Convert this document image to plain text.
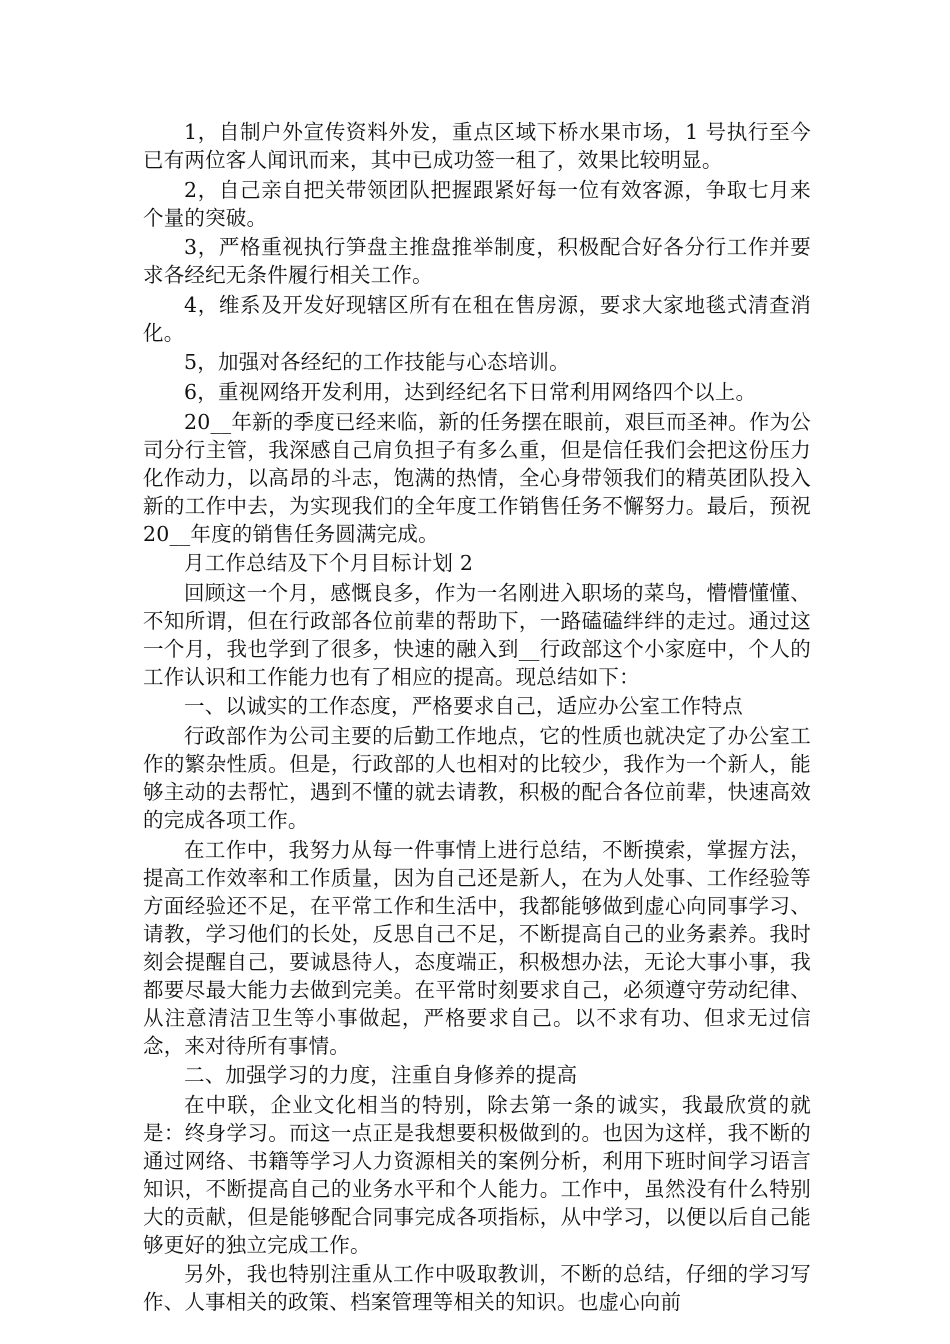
1，自制户外宣传资料外发，重点区域下桥水果市场，1 号执行至今已有两位客人闻讯而来，其中已成功签一租了，效果比较明显。

2，自己亲自把关带领团队把握跟紧好每一位有效客源，争取七月来个量的突破。

3，严格重视执行笋盘主推盘推举制度，积极配合好各分行工作并要求各经纪无条件履行相关工作。

4，维系及开发好现辖区所有在租在售房源，要求大家地毯式清查消化。

5，加强对各经纪的工作技能与心态培训。

6，重视网络开发利用，达到经纪名下日常利用网络四个以上。

20__年新的季度已经来临，新的任务摆在眼前，艰巨而圣神。作为公司分行主管，我深感自己肩负担子有多么重，但是信任我们会把这份压力化作动力，以高昂的斗志，饱满的热情，全心身带领我们的精英团队投入新的工作中去，为实现我们的全年度工作销售任务不懈努力。最后，预祝 20__年度的销售任务圆满完成。

月工作总结及下个月目标计划 2

回顾这一个月，感慨良多，作为一名刚进入职场的菜鸟，懵懵懂懂、不知所谓，但在行政部各位前辈的帮助下，一路磕磕绊绊的走过。通过这一个月，我也学到了很多，快速的融入到__行政部这个小家庭中，个人的工作认识和工作能力也有了相应的提高。现总结如下：

一、以诚实的工作态度，严格要求自己，适应办公室工作特点

行政部作为公司主要的后勤工作地点，它的性质也就决定了办公室工作的繁杂性质。但是，行政部的人也相对的比较少，我作为一个新人，能够主动的去帮忙，遇到不懂的就去请教，积极的配合各位前辈，快速高效的完成各项工作。

在工作中，我努力从每一件事情上进行总结，不断摸索，掌握方法，提高工作效率和工作质量，因为自己还是新人，在为人处事、工作经验等方面经验还不足，在平常工作和生活中，我都能够做到虚心向同事学习、请教，学习他们的长处，反思自己不足，不断提高自己的业务素养。我时刻会提醒自己，要诚恳待人，态度端正，积极想办法，无论大事小事，我都要尽最大能力去做到完美。在平常时刻要求自己，必须遵守劳动纪律、从注意清洁卫生等小事做起，严格要求自己。以不求有功、但求无过信念，来对待所有事情。

二、加强学习的力度，注重自身修养的提高

在中联，企业文化相当的特别，除去第一条的诚实，我最欣赏的就是：终身学习。而这一点正是我想要积极做到的。也因为这样，我不断的通过网络、书籍等学习人力资源相关的案例分析，利用下班时间学习语言知识，不断提高自己的业务水平和个人能力。工作中，虽然没有什么特别大的贡献，但是能够配合同事完成各项指标，从中学习，以便以后自己能够更好的独立完成工作。

另外，我也特别注重从工作中吸取教训，不断的总结，仔细的学习写作、人事相关的政策、档案管理等相关的知识。也虚心向前
